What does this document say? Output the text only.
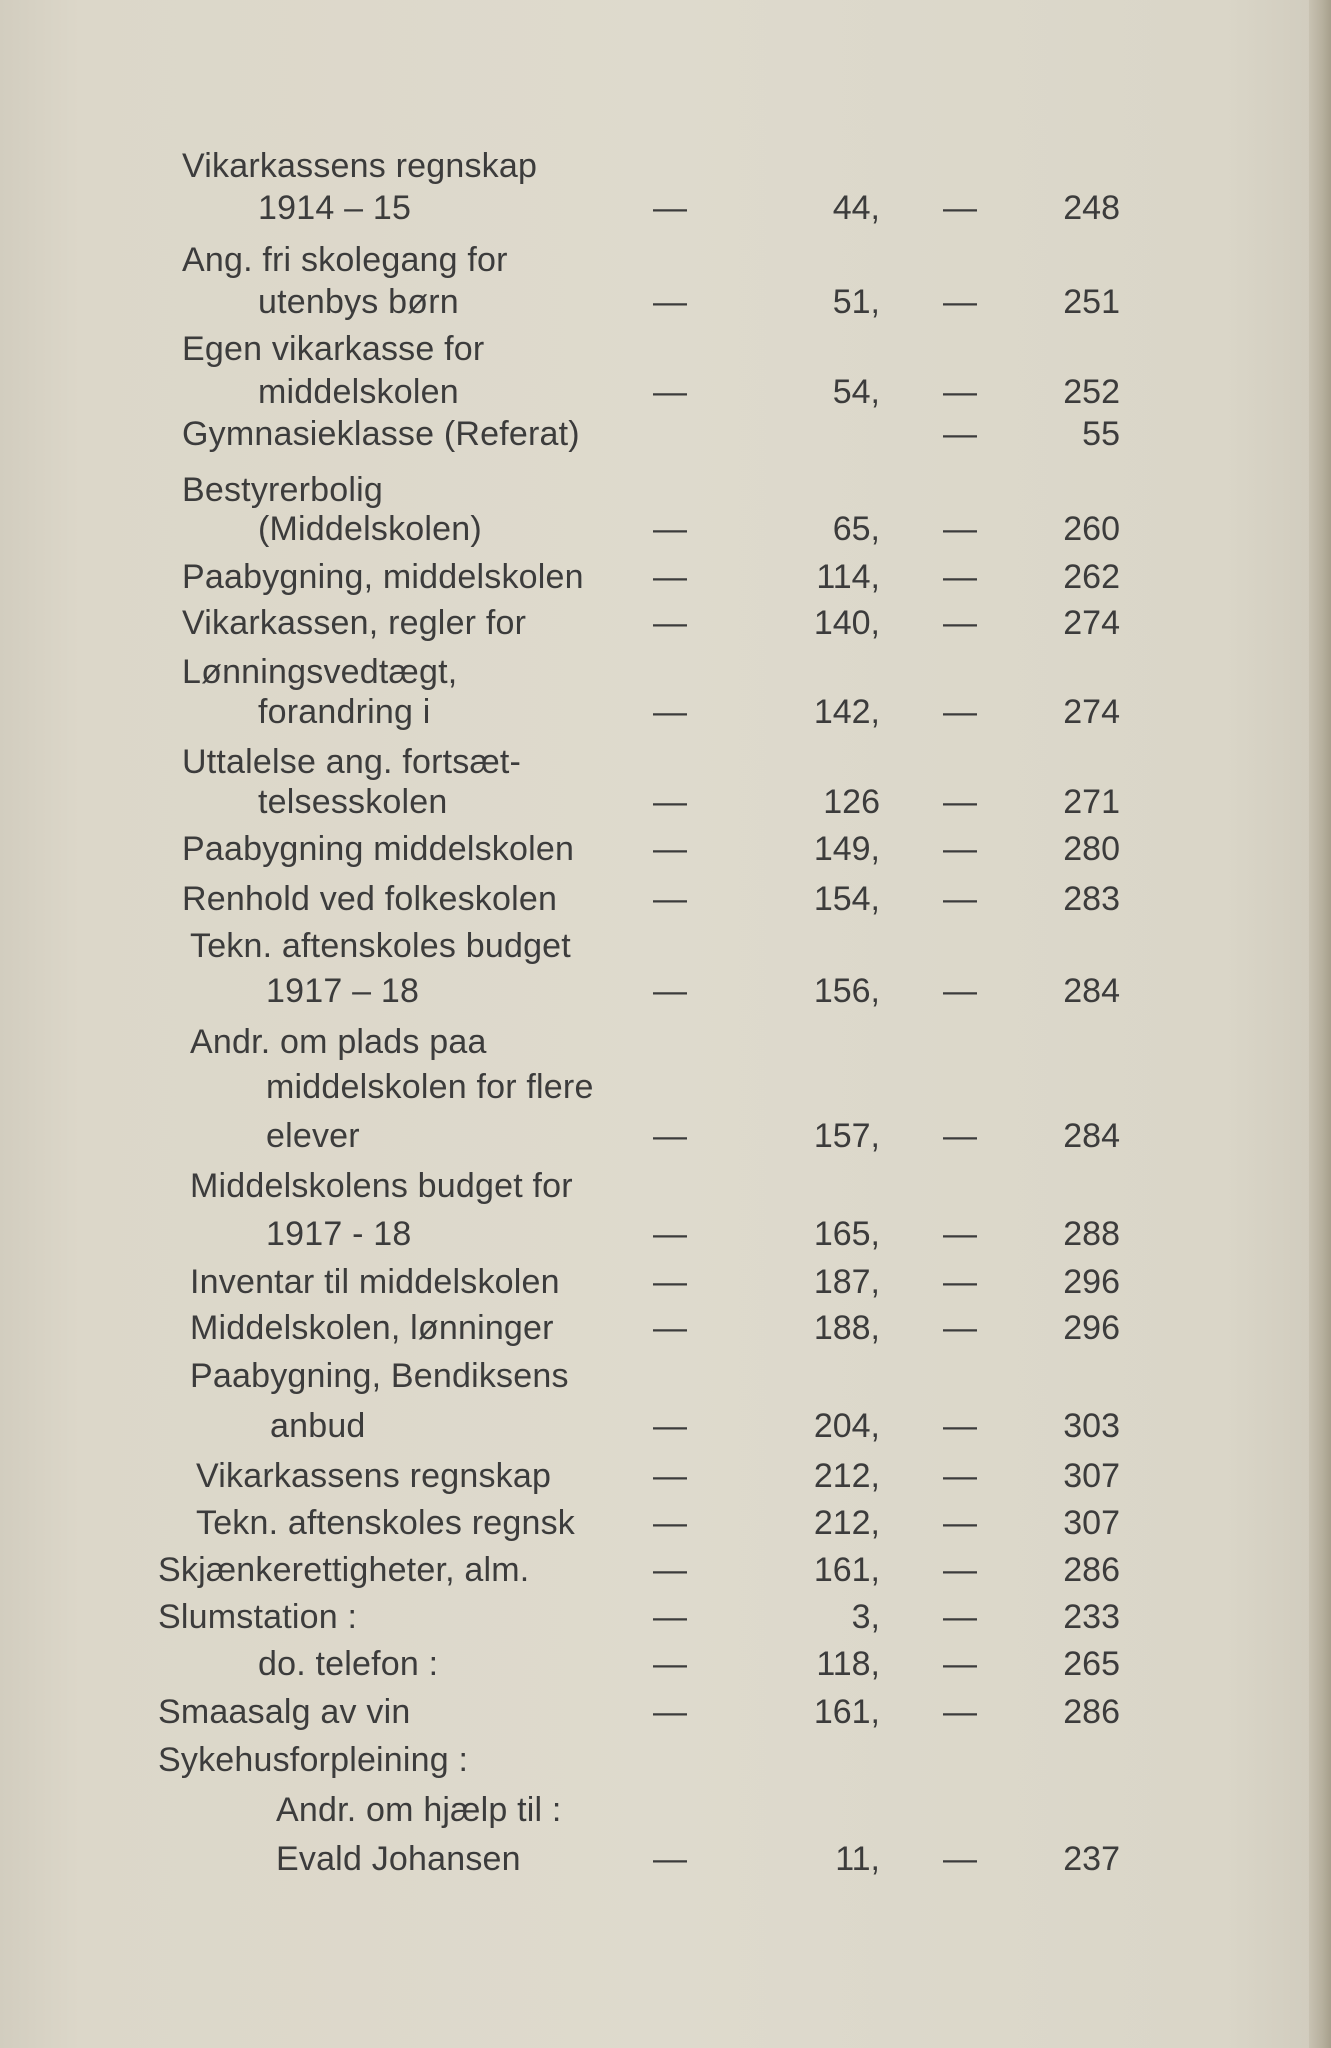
Vikarkassens regnskap
1914 – 15	—	44, —	248
Ang. fri skolegang for
utenbys børn	—	51, —	251
Egen vikarkasse for
middelskolen	—	54, —	252
Gymnasieklasse (Referat)	—	55
Bestyrerbolig
(Middelskolen)	—	65, —	260
Paabygning, middelskolen —	114, —	262
Vikarkassen, regler for	—	140, —	274
Lønningsvedtægt,
forandring i	—	142, —	274
Uttalelse ang. fortsæt-
telsesskolen	—	126 —	271
Paabygning middelskolen —	149, —	280
Renhold ved folkeskolen	—	154, —	283
Tekn. aftenskoles budget
1917 – 18	—	156, —	284
Andr. om plads paa
middelskolen for flere
elever	—	157, —	284
Middelskolens budget for
1917 - 18	—	165, —	288
Inventar til middelskolen	—	187, —	296
Middelskolen, lønninger	—	188, —	296
Paabygning, Bendiksens
anbud	—	204, —	303
Vikarkassens regnskap	—	212, —	307
Tekn. aftenskoles regnsk —	212, —	307
Skjænkerettigheter, alm.	—	161, —	286
Slumstation :	—	3, —	233
do. telefon :	—	118, —	265
Smaasalg av vin	—	161, —	286
Sykehusforpleining :
Andr. om hjælp til :
Evald Johansen	—	11, —	237
